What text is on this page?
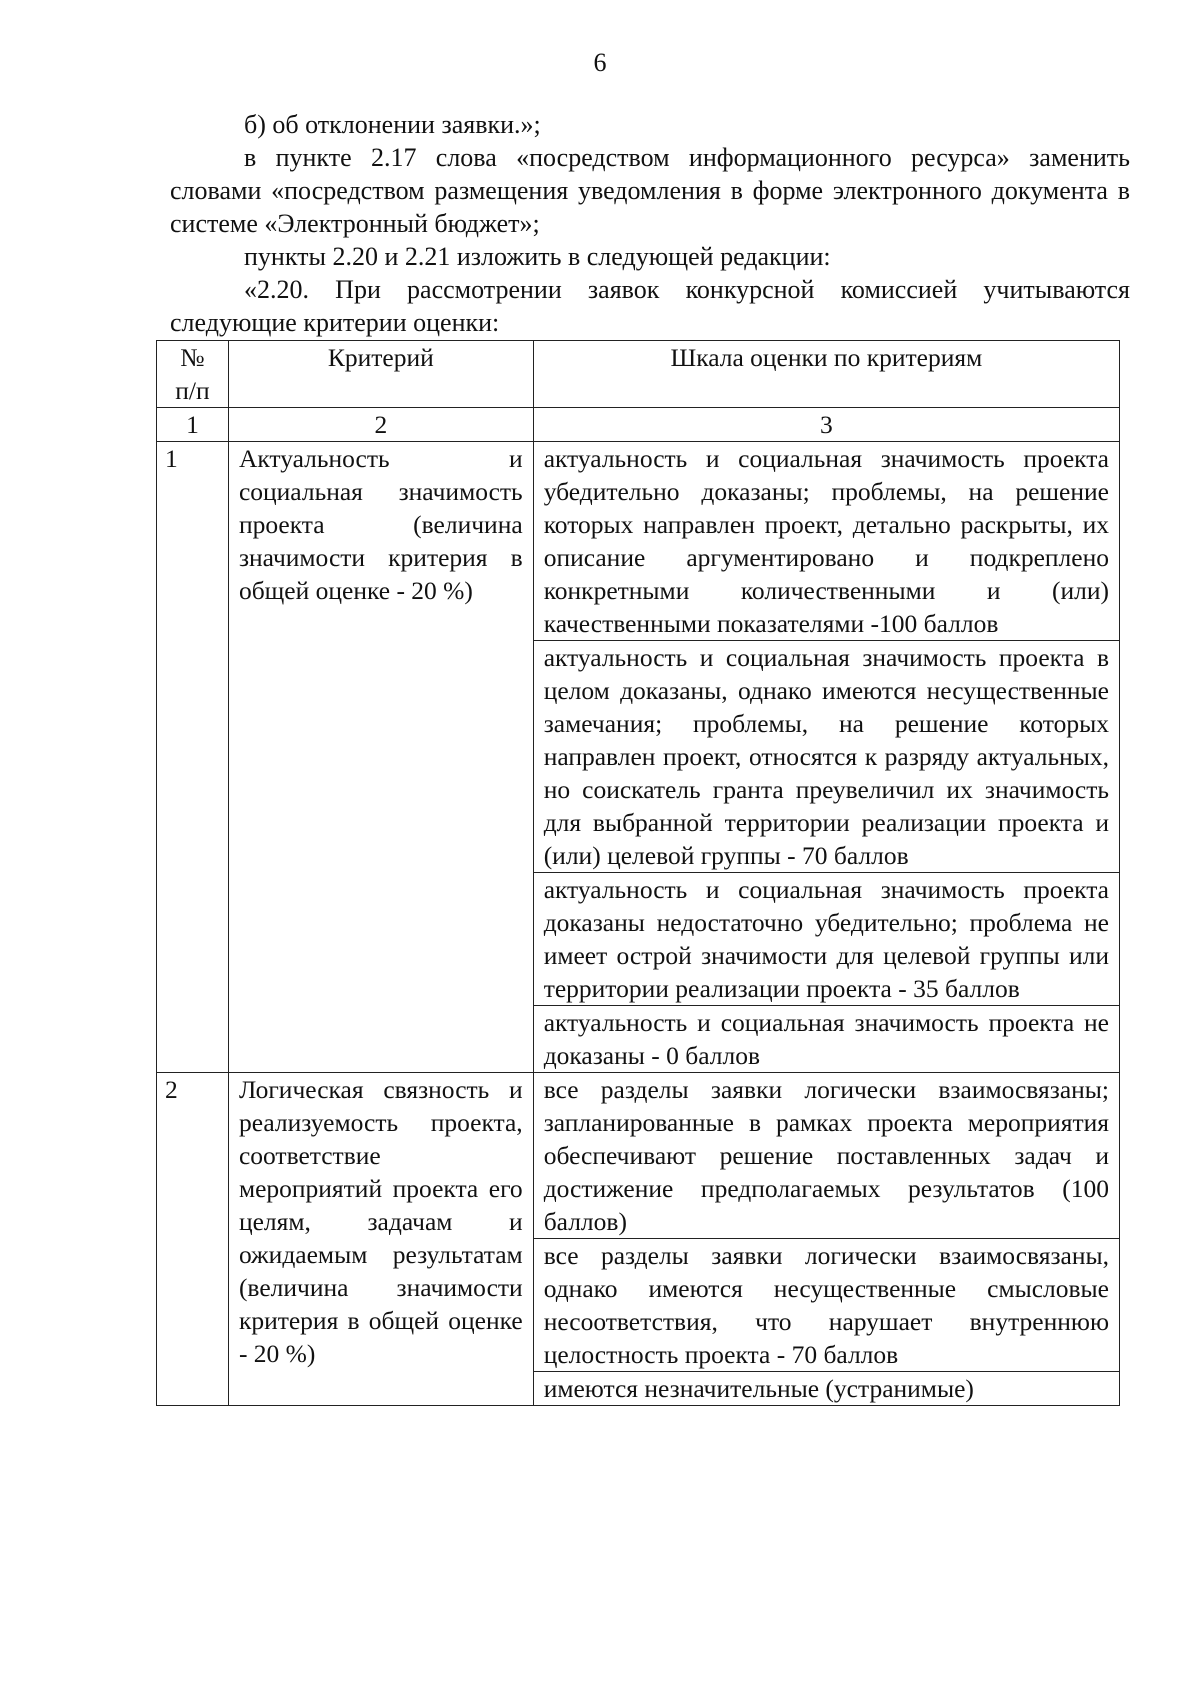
6

б) об отклонении заявки.»;

в пункте 2.17 слова «посредством информационного ресурса» заменить словами «посредством размещения уведомления в форме электронного документа в системе «Электронный бюджет»;

пункты 2.20 и 2.21 изложить в следующей редакции:

«2.20. При рассмотрении заявок конкурсной комиссией учитываются следующие критерии оценки:

№ п/п	Критерий	Шкала оценки по критериям
1	2	3
1	Актуальность и социальная значимость проекта (величина значимости критерия в общей оценке - 20 %)	актуальность и социальная значимость проекта убедительно доказаны; проблемы, на решение которых направлен проект, детально раскрыты, их описание аргументировано и подкреплено конкретными количественными и (или) качественными показателями -100 баллов
актуальность и социальная значимость проекта в целом доказаны, однако имеются несущественные замечания; проблемы, на решение которых направлен проект, относятся к разряду актуальных, но соискатель гранта преувеличил их значимость для выбранной территории реализации проекта и (или) целевой группы - 70 баллов
актуальность и социальная значимость проекта доказаны недостаточно убедительно; проблема не имеет острой значимости для целевой группы или территории реализации проекта - 35 баллов
актуальность и социальная значимость проекта не доказаны - 0 баллов

2	Логическая связность и реализуемость проекта, соответствие мероприятий проекта его целям, задачам и ожидаемым результатам (величина значимости критерия в общей оценке - 20 %)	все разделы заявки логически взаимосвязаны; запланированные в рамках проекта мероприятия обеспечивают решение поставленных задач и достижение предполагаемых результатов (100 баллов)
все разделы заявки логически взаимосвязаны, однако имеются несущественные смысловые несоответствия, что нарушает внутреннюю целостность проекта - 70 баллов
имеются незначительные (устранимые)
